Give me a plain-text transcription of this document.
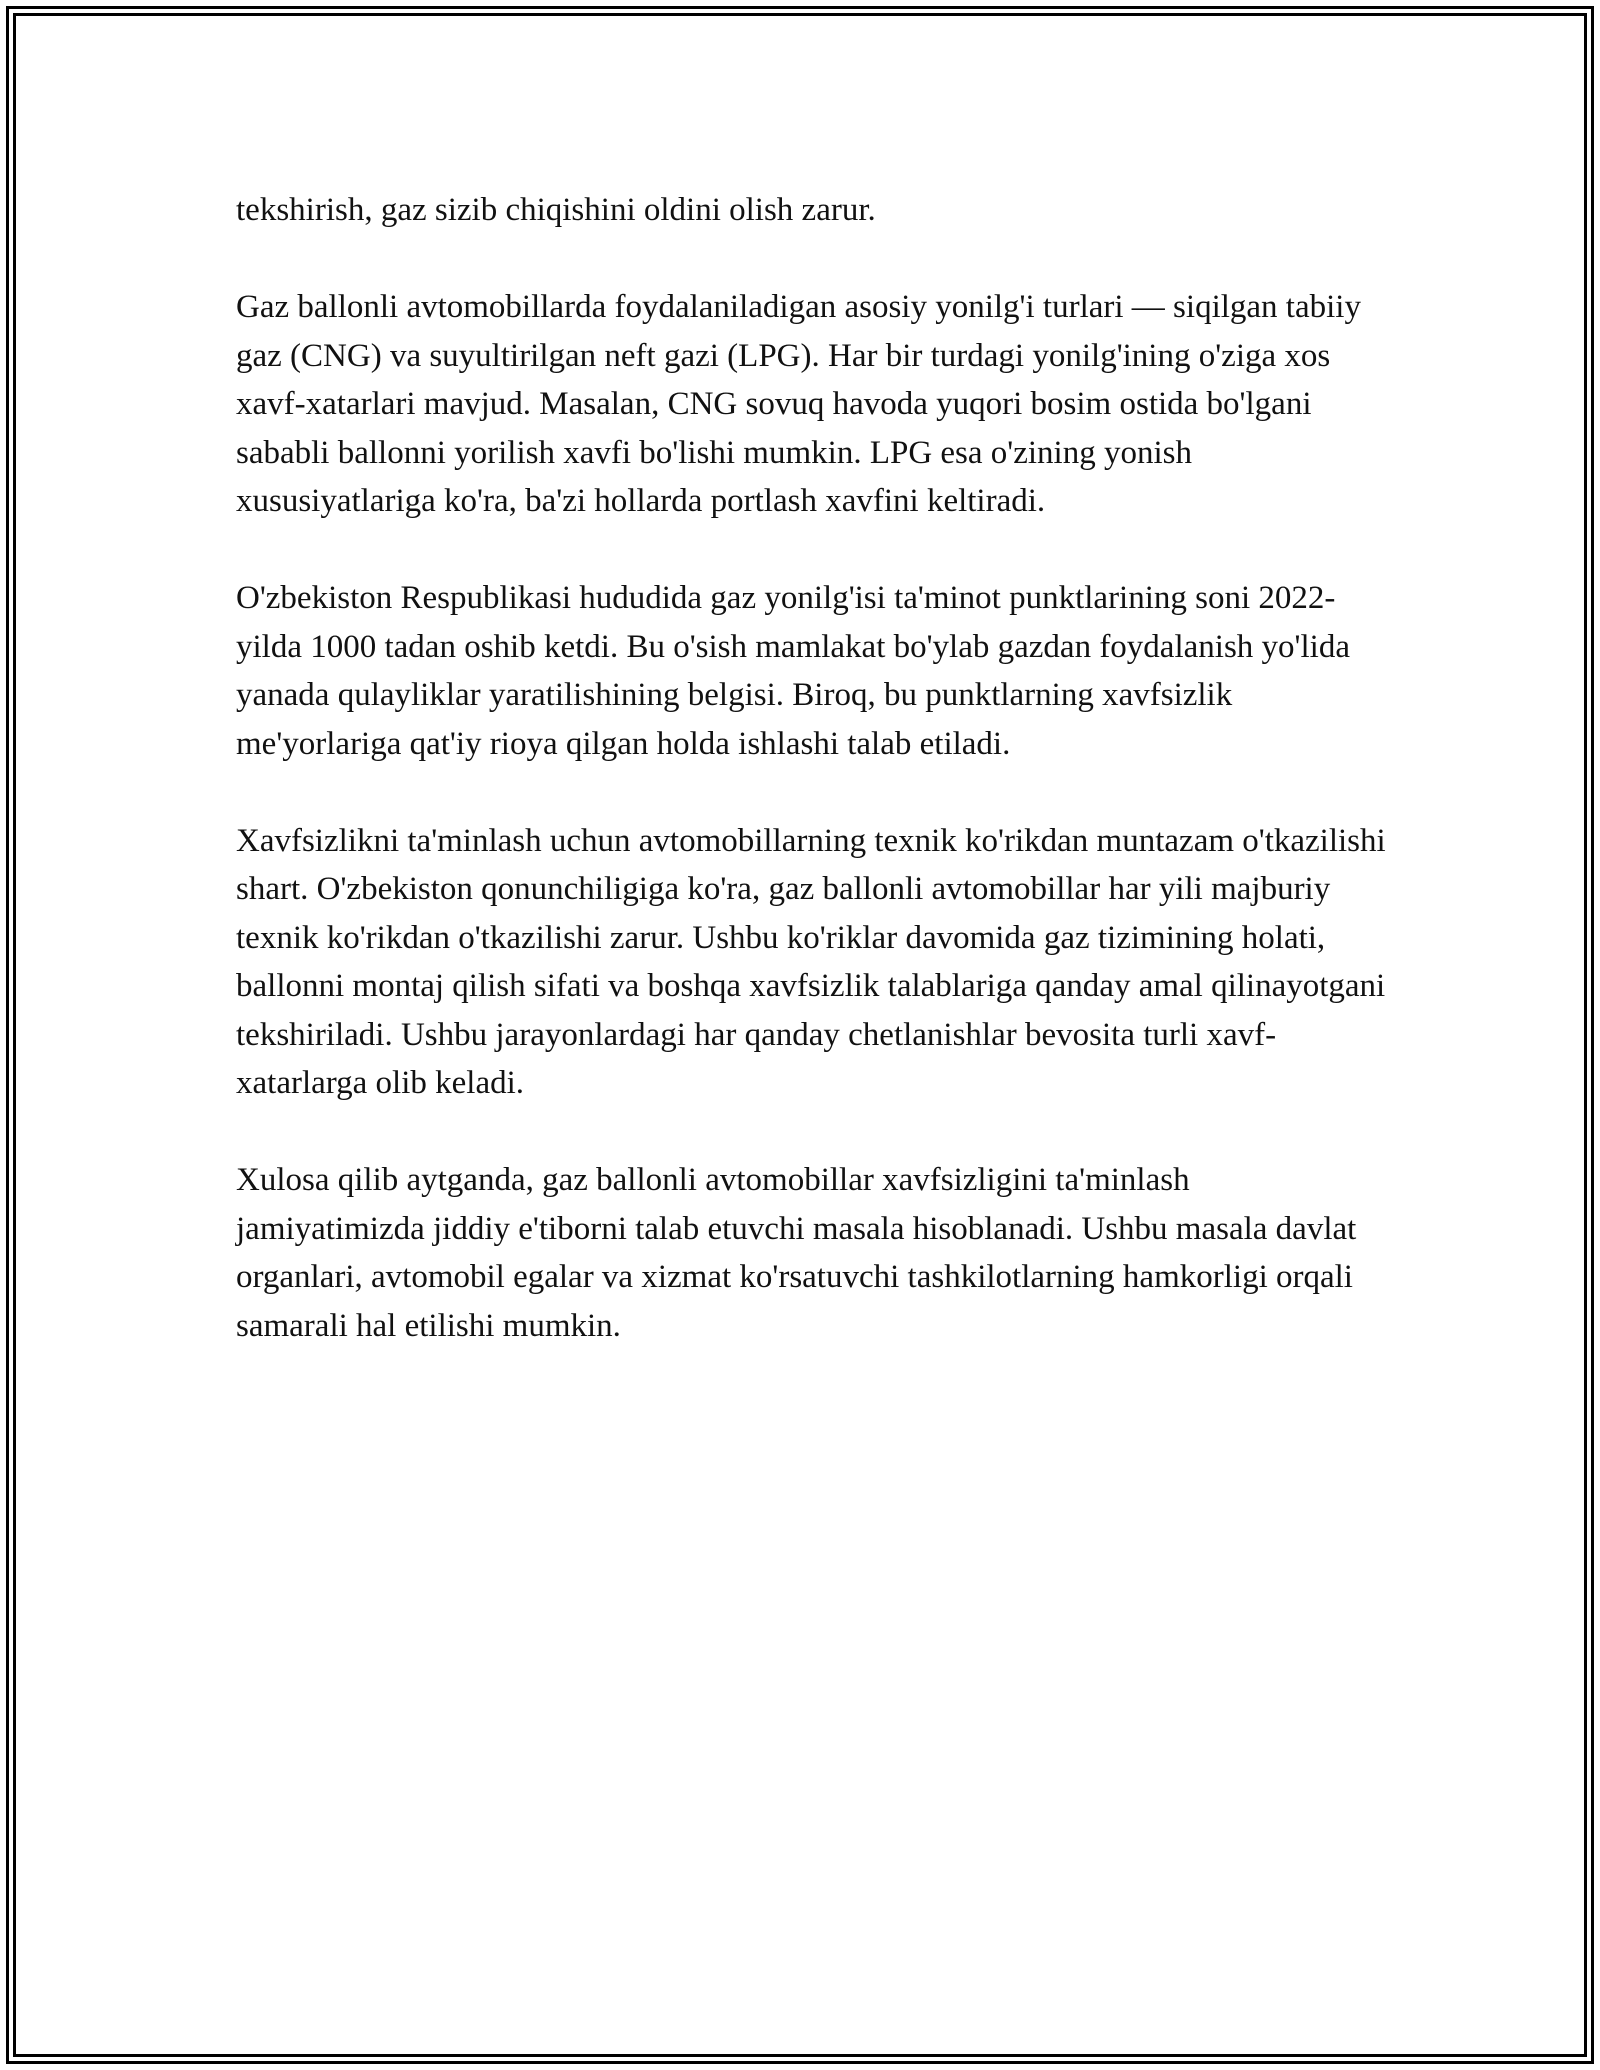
tekshirish, gaz sizib chiqishini oldini olish zarur.

Gaz ballonli avtomobillarda foydalaniladigan asosiy yonilg'i turlari — siqilgan tabiiy gaz (CNG) va suyultirilgan neft gazi (LPG). Har bir turdagi yonilg'ining o'ziga xos xavf-xatarlari mavjud. Masalan, CNG sovuq havoda yuqori bosim ostida bo'lgani sababli ballonni yorilish xavfi bo'lishi mumkin. LPG esa o'zining yonish xususiyatlariga ko'ra, ba'zi hollarda portlash xavfini keltiradi.

O'zbekiston Respublikasi hududida gaz yonilg'isi ta'minot punktlarining soni 2022-yilda 1000 tadan oshib ketdi. Bu o'sish mamlakat bo'ylab gazdan foydalanish yo'lida yanada qulayliklar yaratilishining belgisi. Biroq, bu punktlarning xavfsizlik me'yorlariga qat'iy rioya qilgan holda ishlashi talab etiladi.

Xavfsizlikni ta'minlash uchun avtomobillarning texnik ko'rikdan muntazam o'tkazilishi shart. O'zbekiston qonunchiligiga ko'ra, gaz ballonli avtomobillar har yili majburiy texnik ko'rikdan o'tkazilishi zarur. Ushbu ko'riklar davomida gaz tizimining holati, ballonni montaj qilish sifati va boshqa xavfsizlik talablariga qanday amal qilinayotgani tekshiriladi. Ushbu jarayonlardagi har qanday chetlanishlar bevosita turli xavf-xatarlarga olib keladi.

Xulosa qilib aytganda, gaz ballonli avtomobillar xavfsizligini ta'minlash jamiyatimizda jiddiy e'tiborni talab etuvchi masala hisoblanadi. Ushbu masala davlat organlari, avtomobil egalar va xizmat ko'rsatuvchi tashkilotlarning hamkorligi orqali samarali hal etilishi mumkin.
